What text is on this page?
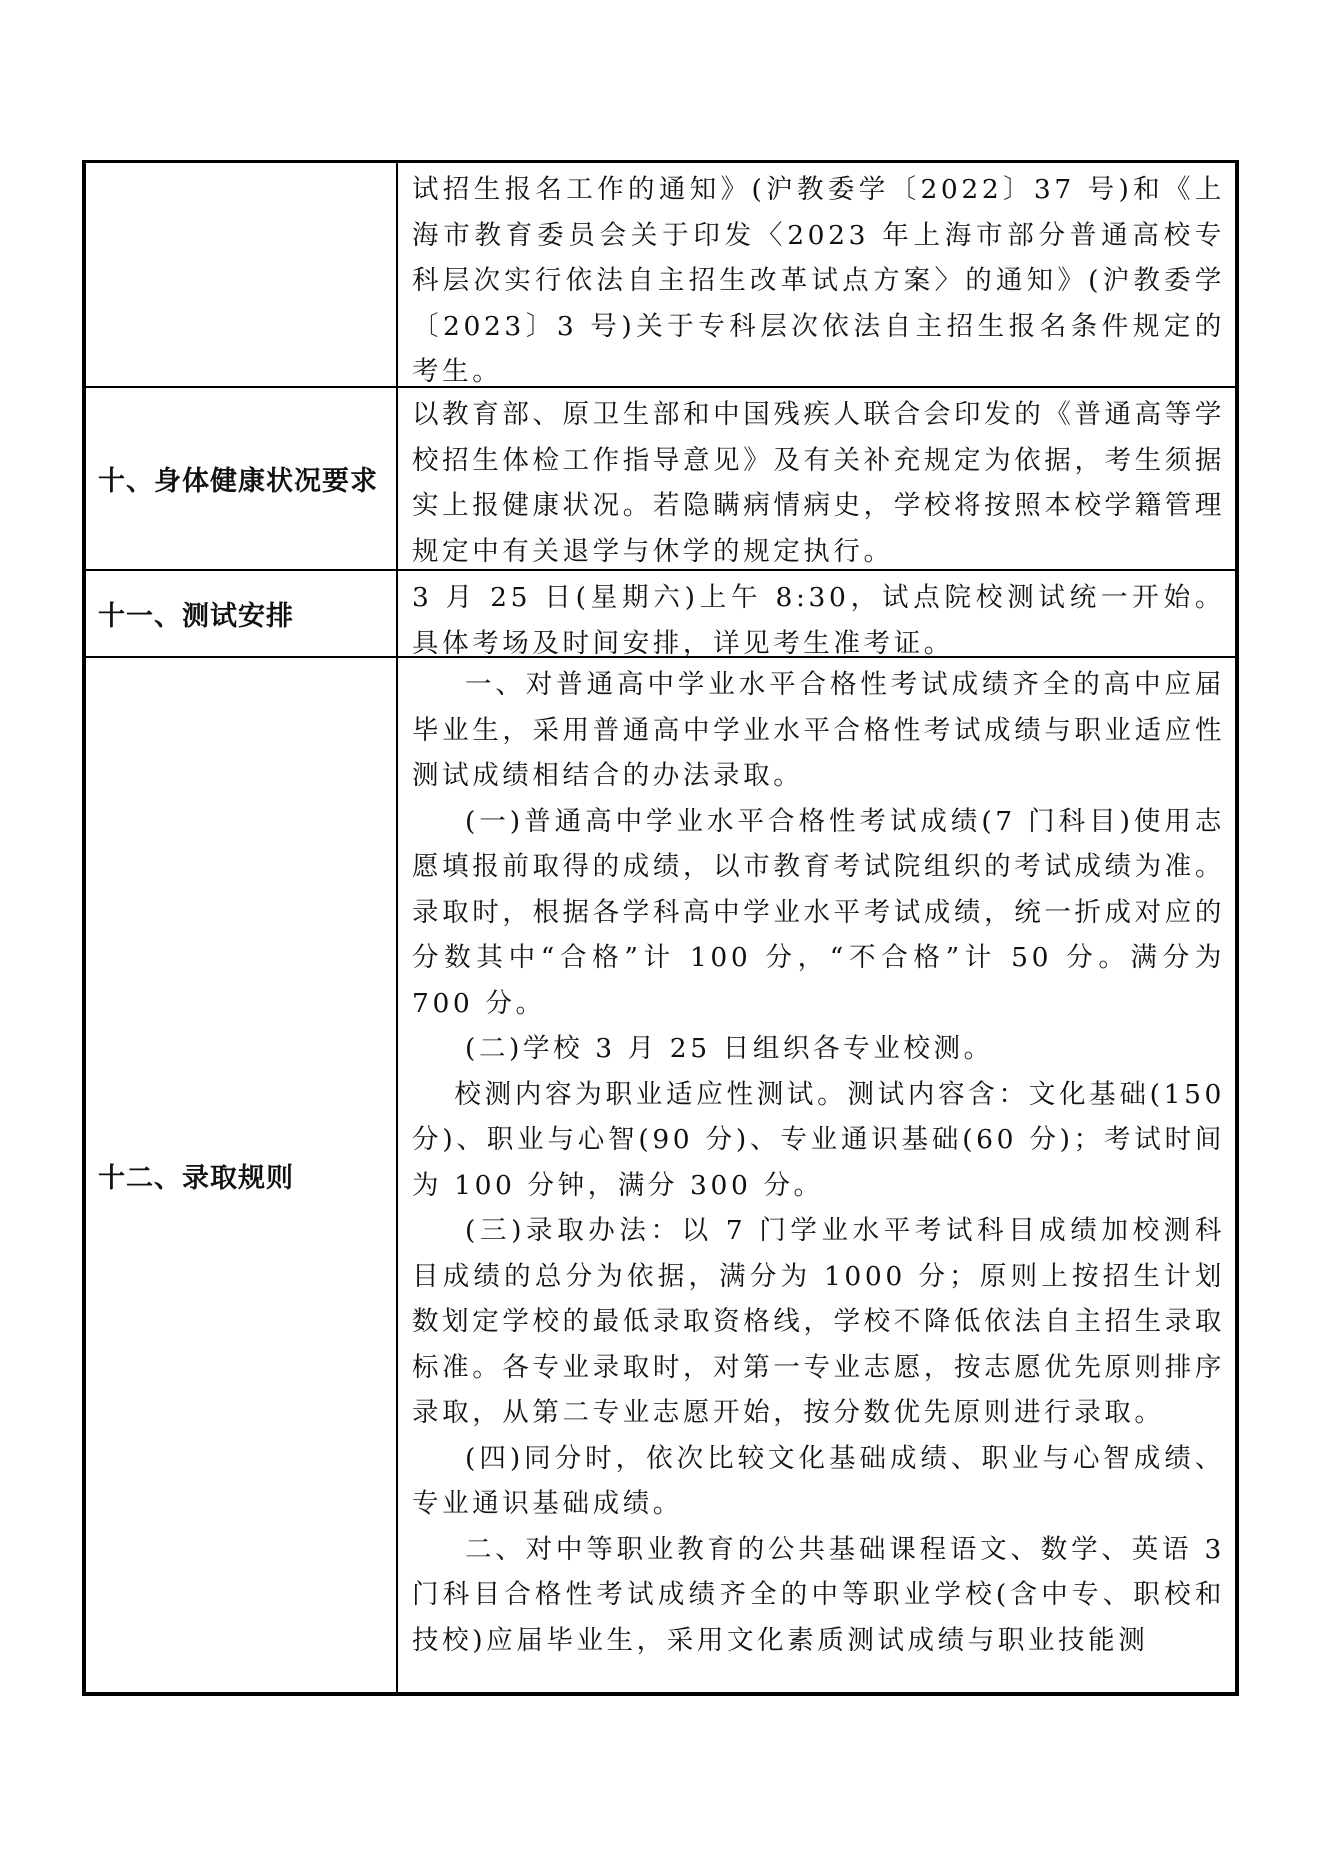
试招生报名工作的通知》(沪教委学〔2022〕37 号)和《上海市教育委员会关于印发〈2023 年上海市部分普通高校专科层次实行依法自主招生改革试点方案〉的通知》(沪教委学〔2023〕3 号)关于专科层次依法自主招生报名条件规定的考生。

十、身体健康状况要求

以教育部、原卫生部和中国残疾人联合会印发的《普通高等学校招生体检工作指导意见》及有关补充规定为依据，考生须据实上报健康状况。若隐瞒病情病史，学校将按照本校学籍管理规定中有关退学与休学的规定执行。

十一、测试安排

3 月 25 日(星期六)上午 8:30，试点院校测试统一开始。具体考场及时间安排，详见考生准考证。

十二、录取规则

一、对普通高中学业水平合格性考试成绩齐全的高中应届毕业生，采用普通高中学业水平合格性考试成绩与职业适应性测试成绩相结合的办法录取。

(一)普通高中学业水平合格性考试成绩(7 门科目)使用志愿填报前取得的成绩，以市教育考试院组织的考试成绩为准。录取时，根据各学科高中学业水平考试成绩，统一折成对应的分数其中“合格”计 100 分，“不合格”计 50 分。满分为 700 分。

(二)学校 3 月 25 日组织各专业校测。

校测内容为职业适应性测试。测试内容含：文化基础(150 分)、职业与心智(90 分)、专业通识基础(60 分)；考试时间为 100 分钟，满分 300 分。

(三)录取办法：以 7 门学业水平考试科目成绩加校测科目成绩的总分为依据，满分为 1000 分；原则上按招生计划数划定学校的最低录取资格线，学校不降低依法自主招生录取标准。各专业录取时，对第一专业志愿，按志愿优先原则排序录取，从第二专业志愿开始，按分数优先原则进行录取。

(四)同分时，依次比较文化基础成绩、职业与心智成绩、专业通识基础成绩。

二、对中等职业教育的公共基础课程语文、数学、英语 3 门科目合格性考试成绩齐全的中等职业学校(含中专、职校和技校)应届毕业生，采用文化素质测试成绩与职业技能测
